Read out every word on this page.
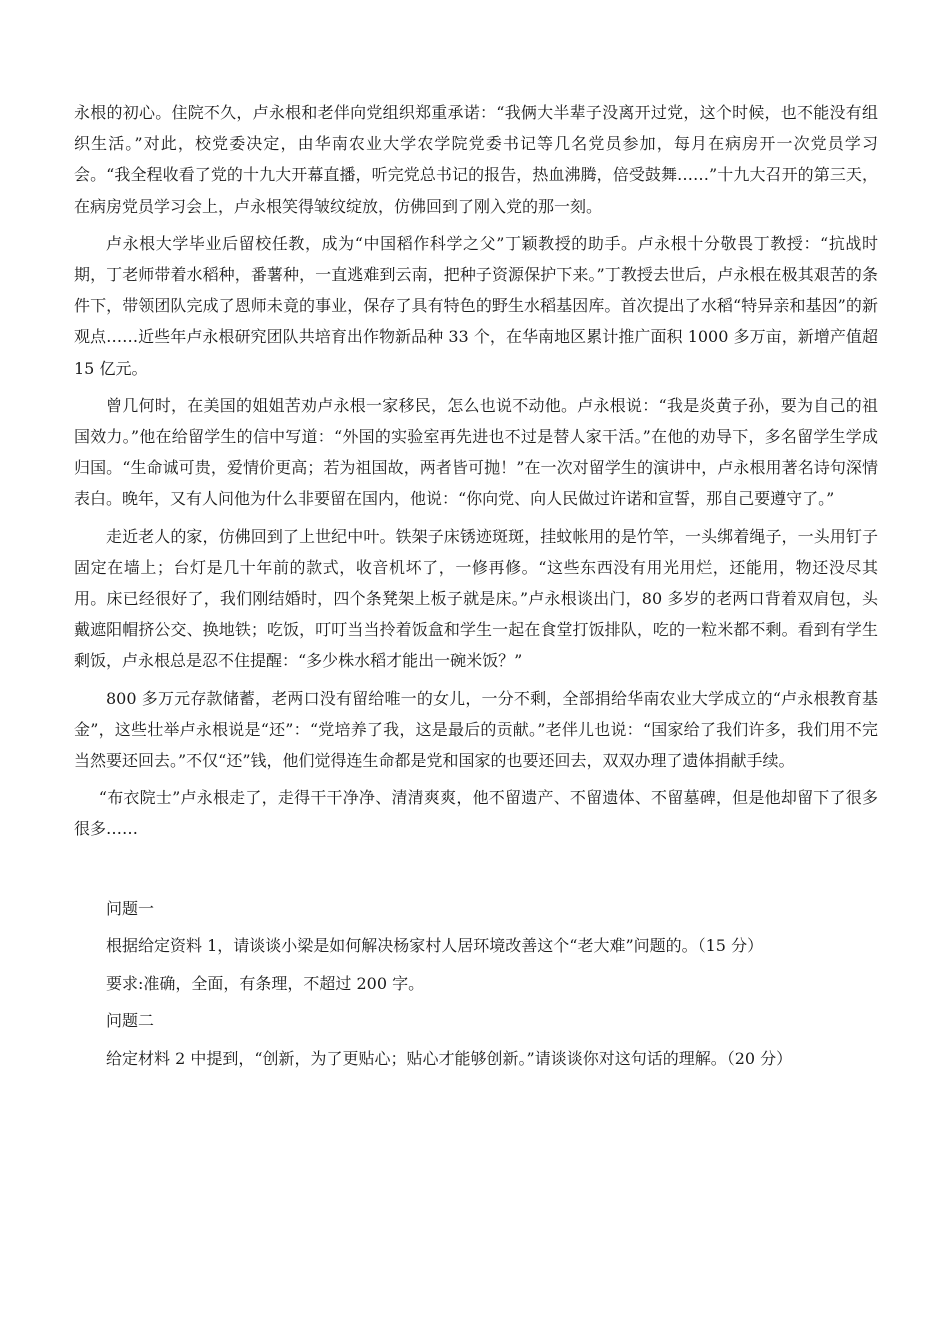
永根的初心。住院不久，卢永根和老伴向党组织郑重承诺：“我俩大半辈子没离开过党，这个时候，也不能没有组织生活。”对此，校党委决定，由华南农业大学农学院党委书记等几名党员参加，每月在病房开一次党员学习会。“我全程收看了党的十九大开幕直播，听完党总书记的报告，热血沸腾，倍受鼓舞……”十九大召开的第三天，在病房党员学习会上，卢永根笑得皱纹绽放，仿佛回到了刚入党的那一刻。

卢永根大学毕业后留校任教，成为“中国稻作科学之父”丁颖教授的助手。卢永根十分敬畏丁教授：“抗战时期，丁老师带着水稻种，番薯种，一直逃难到云南，把种子资源保护下来。”丁教授去世后，卢永根在极其艰苦的条件下，带领团队完成了恩师未竟的事业，保存了具有特色的野生水稻基因库。首次提出了水稻“特异亲和基因”的新观点……近些年卢永根研究团队共培育出作物新品种 33 个，在华南地区累计推广面积 1000 多万亩，新增产值超 15 亿元。

曾几何时，在美国的姐姐苦劝卢永根一家移民，怎么也说不动他。卢永根说：“我是炎黄子孙，要为自己的祖国效力。”他在给留学生的信中写道：“外国的实验室再先进也不过是替人家干活。”在他的劝导下，多名留学生学成归国。“生命诚可贵，爱情价更高；若为祖国故，两者皆可抛！”在一次对留学生的演讲中，卢永根用著名诗句深情表白。晚年，又有人问他为什么非要留在国内，他说：“你向党、向人民做过许诺和宣誓，那自己要遵守了。”

走近老人的家，仿佛回到了上世纪中叶。铁架子床锈迹斑斑，挂蚊帐用的是竹竿，一头绑着绳子，一头用钉子固定在墙上；台灯是几十年前的款式，收音机坏了，一修再修。“这些东西没有用光用烂，还能用，物还没尽其用。床已经很好了，我们刚结婚时，四个条凳架上板子就是床。”卢永根谈出门，80 多岁的老两口背着双肩包，头戴遮阳帽挤公交、换地铁；吃饭，叮叮当当拎着饭盒和学生一起在食堂打饭排队，吃的一粒米都不剩。看到有学生剩饭，卢永根总是忍不住提醒：“多少株水稻才能出一碗米饭？”

800 多万元存款储蓄，老两口没有留给唯一的女儿，一分不剩，全部捐给华南农业大学成立的“卢永根教育基金”，这些壮举卢永根说是“还”：“党培养了我，这是最后的贡献。”老伴儿也说：“国家给了我们许多，我们用不完当然要还回去。”不仅“还”钱，他们觉得连生命都是党和国家的也要还回去，双双办理了遗体捐献手续。

“布衣院士”卢永根走了，走得干干净净、清清爽爽，他不留遗产、不留遗体、不留墓碑，但是他却留下了很多很多……

问题一

根据给定资料 1，请谈谈小梁是如何解决杨家村人居环境改善这个“老大难”问题的。（15 分）

要求:准确，全面，有条理，不超过 200 字。

问题二

给定材料 2 中提到，“创新，为了更贴心；贴心才能够创新。”请谈谈你对这句话的理解。（20 分）
